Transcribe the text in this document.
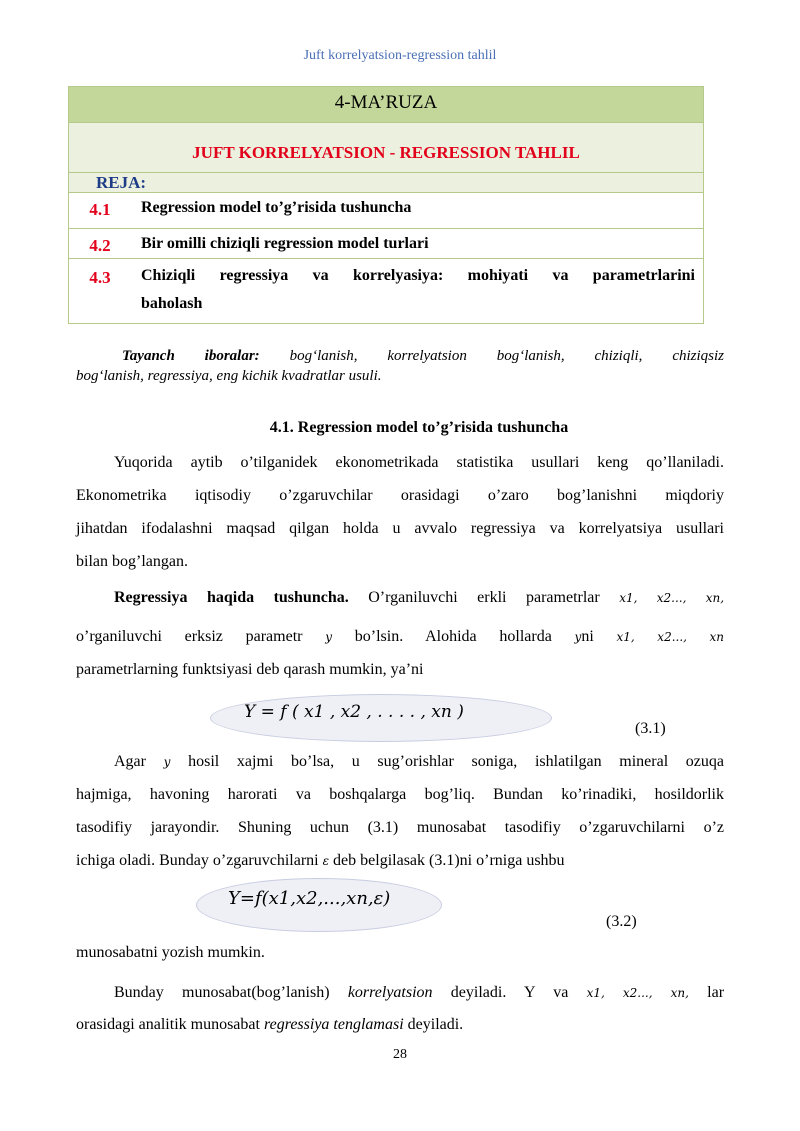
Juft korrelyatsion-regression tahlil
4-MA’RUZA
JUFT KORRELYATSION - REGRESSION TAHLIL
REJA:
4.1	Regression model to’g’risida tushuncha
4.2	Bir omilli chiziqli regression model turlari
4.3	Chiziqli regressiya va korrelyasiya: mohiyati va parametrlarini
baholash
Tayanch iboralar: bog‘lanish, korrelyatsion bog‘lanish, chiziqli, chiziqsiz
bog‘lanish, regressiya, eng kichik kvadratlar usuli.
4.1. Regression model to’g’risida tushuncha
Yuqorida aytib o’tilganidek ekonometrikada statistika usullari keng qo’llaniladi.
Ekonometrika iqtisodiy o’zgaruvchilar orasidagi o’zaro bog’lanishni miqdoriy
jihatdan ifodalashni maqsad qilgan holda u avvalo regressiya va korrelyatsiya usullari
bilan bog’langan.
Regressiya haqida tushuncha. O’rganiluvchi erkli parametrlar x1, x2..., xn,
o’rganiluvchi erksiz parametr y bo’lsin. Alohida hollarda yni x1, x2..., xn
parametrlarning funktsiyasi deb qarash mumkin, ya’ni
Y = f ( x1 , x2 , . . . . , xn )
(3.1)
Agar y hosil xajmi bo’lsa, u sug’orishlar soniga, ishlatilgan mineral ozuqa
hajmiga, havoning harorati va boshqalarga bog’liq. Bundan ko’rinadiki, hosildorlik
tasodifiy jarayondir. Shuning uchun (3.1) munosabat tasodifiy o’zgaruvchilarni o’z
ichiga oladi. Bunday o’zgaruvchilarni ε deb belgilasak (3.1)ni o’rniga ushbu
Y=f(x1,x2,...,xn,ε)
(3.2)
munosabatni yozish mumkin.
Bunday munosabat(bog’lanish) korrelyatsion deyiladi. Y va x1, x2..., xn, lar
orasidagi analitik munosabat regressiya tenglamasi deyiladi.
28
